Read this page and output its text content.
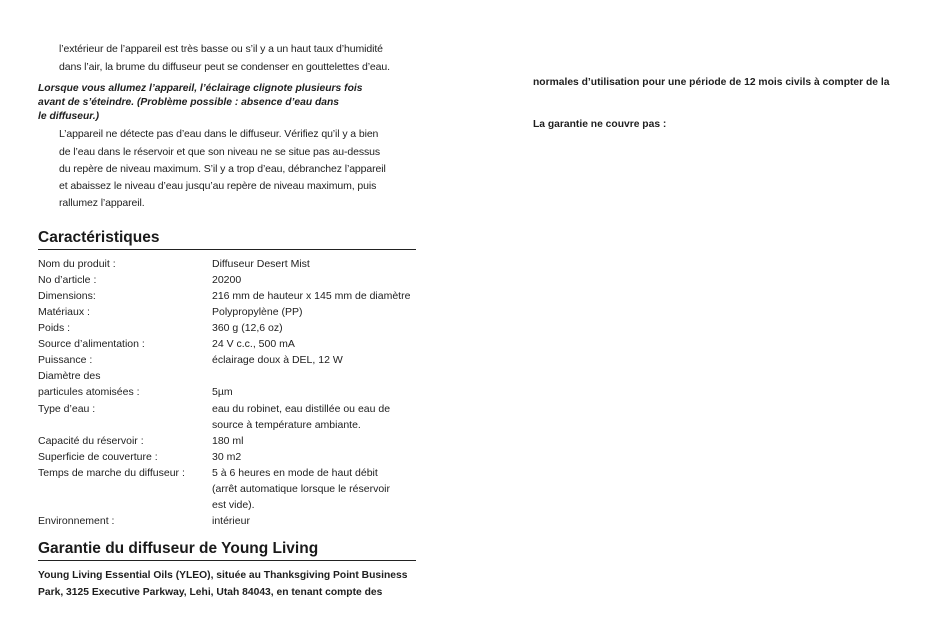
l’extérieur de l’appareil est très basse ou s’il y a un haut taux d’humidité
dans l’air, la brume du diffuseur peut se condenser en gouttelettes d’eau.
Lorsque vous allumez l’appareil, l’éclairage clignote plusieurs fois
avant de s’éteindre. (Problème possible : absence d’eau dans
le diffuseur.)
L’appareil ne détecte pas d’eau dans le diffuseur. Vérifiez qu’il y a bien
de l’eau dans le réservoir et que son niveau ne se situe pas au-dessus
du repère de niveau maximum. S’il y a trop d’eau, débranchez l’appareil
et abaissez le niveau d’eau jusqu’au repère de niveau maximum, puis
rallumez l’appareil.
Caractéristiques
Nom du produit :	Diffuseur Desert Mist
No d’article :	20200
Dimensions:	216 mm de hauteur x 145 mm de diamètre
Matériaux :	Polypropylène (PP)
Poids :	360 g (12,6 oz)
Source d’alimentation :	24 V c.c., 500 mA
Puissance :	éclairage doux à DEL, 12 W
Diamètre des
particules atomisées :	5µm
Type d’eau :	eau du robinet, eau distillée ou eau de
source à température ambiante.
Capacité du réservoir :	180 ml
Superficie de couverture :	30 m2
Temps de marche du diffuseur :	5 à 6 heures en mode de haut débit
(arrêt automatique lorsque le réservoir
est vide).
Environnement :	intérieur
Garantie du diffuseur de Young Living
Young Living Essential Oils (YLEO), située au Thanksgiving Point Business
Park, 3125 Executive Parkway, Lehi, Utah 84043, en tenant compte des
normales d’utilisation pour une période de 12 mois civils à compter de la
La garantie ne couvre pas :
